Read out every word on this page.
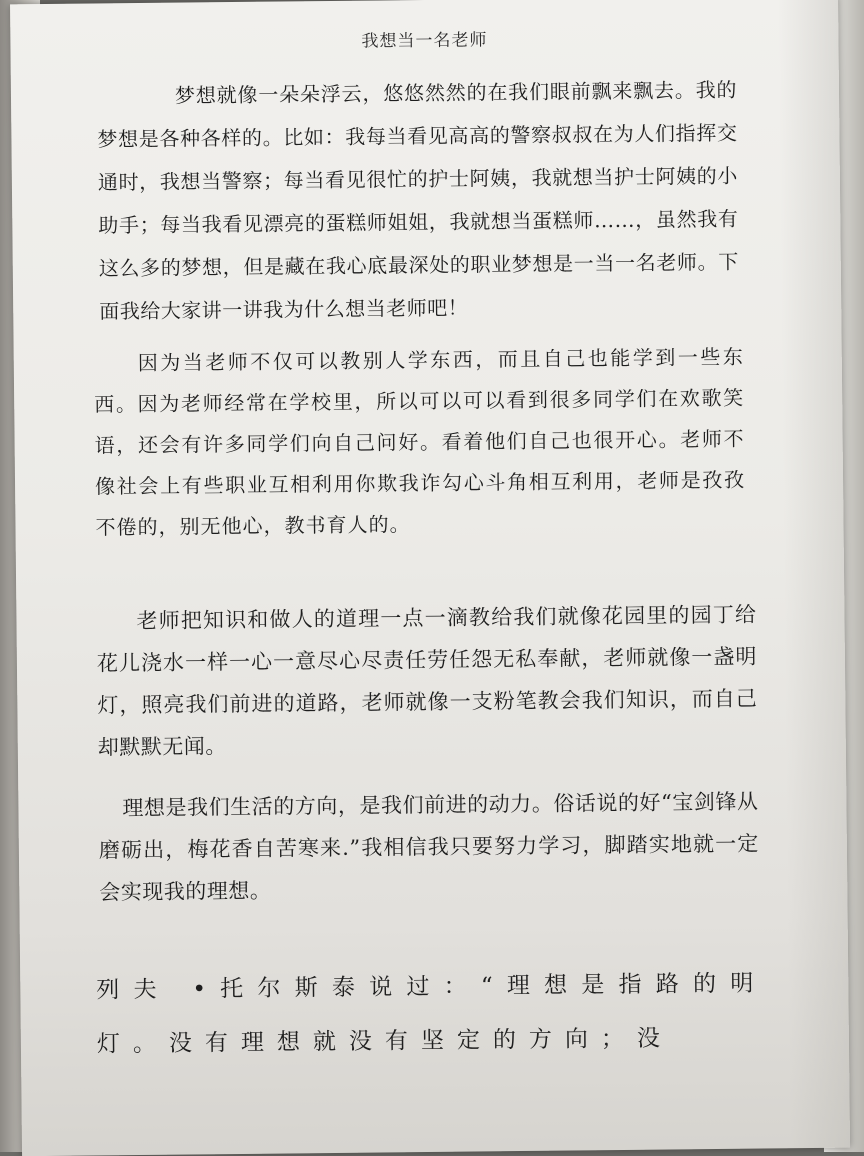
我想当一名老师

梦想就像一朵朵浮云，悠悠然然的在我们眼前飘来飘去。我的梦想是各种各样的。比如：我每当看见高高的警察叔叔在为人们指挥交通时，我想当警察；每当看见很忙的护士阿姨，我就想当护士阿姨的小助手；每当我看见漂亮的蛋糕师姐姐，我就想当蛋糕师……，虽然我有这么多的梦想，但是藏在我心底最深处的职业梦想是一当一名老师。下面我给大家讲一讲我为什么想当老师吧！

因为当老师不仅可以教别人学东西，而且自己也能学到一些东西。因为老师经常在学校里，所以可以可以看到很多同学们在欢歌笑语，还会有许多同学们向自己问好。看着他们自己也很开心。老师不像社会上有些职业互相利用你欺我诈勾心斗角相互利用，老师是孜孜不倦的，别无他心，教书育人的。

老师把知识和做人的道理一点一滴教给我们就像花园里的园丁给花儿浇水一样一心一意尽心尽责任劳任怨无私奉献，老师就像一盏明灯，照亮我们前进的道路，老师就像一支粉笔教会我们知识，而自己却默默无闻。

理想是我们生活的方向，是我们前进的动力。俗话说的好“宝剑锋从磨砺出，梅花香自苦寒来.”我相信我只要努力学习，脚踏实地就一定会实现我的理想。

列夫 •托尔斯泰说过：“理想是指路的明灯。没有理想就没有坚定的方向；没
